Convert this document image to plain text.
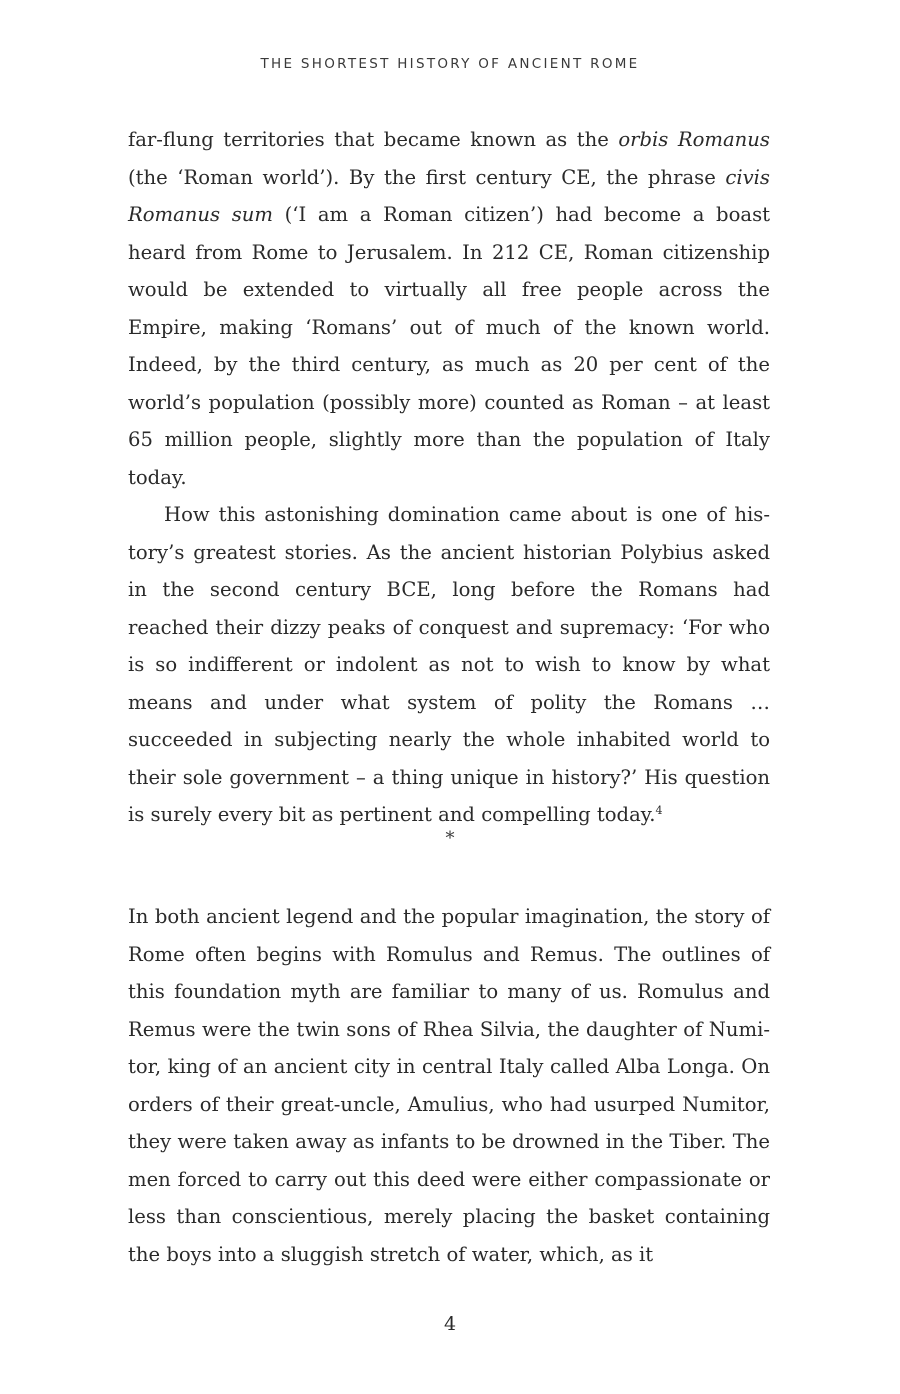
THE SHORTEST HISTORY OF ANCIENT ROME

far-flung territories that became known as the orbis Romanus (the ‘Roman world’). By the first century CE, the phrase civis Romanus sum (‘I am a Roman citizen’) had become a boast heard from Rome to Jerusalem. In 212 CE, Roman citizenship would be extended to virtually all free people across the Empire, making ‘Romans’ out of much of the known world. Indeed, by the third century, as much as 20 per cent of the world’s population (possibly more) counted as Roman – at least 65 million people, slightly more than the population of Italy today.

How this astonishing domination came about is one of history’s greatest stories. As the ancient historian Polybius asked in the second century BCE, long before the Romans had reached their dizzy peaks of conquest and supremacy: ‘For who is so indifferent or indolent as not to wish to know by what means and under what system of polity the Romans … succeeded in subjecting nearly the whole inhabited world to their sole government – a thing unique in history?’ His question is surely every bit as pertinent and compelling today.$^4$

*

In both ancient legend and the popular imagination, the story of Rome often begins with Romulus and Remus. The outlines of this foundation myth are familiar to many of us. Romulus and Remus were the twin sons of Rhea Silvia, the daughter of Numitor, king of an ancient city in central Italy called Alba Longa. On orders of their great-uncle, Amulius, who had usurped Numitor, they were taken away as infants to be drowned in the Tiber. The men forced to carry out this deed were either compassionate or less than conscientious, merely placing the basket containing the boys into a sluggish stretch of water, which, as it

4
